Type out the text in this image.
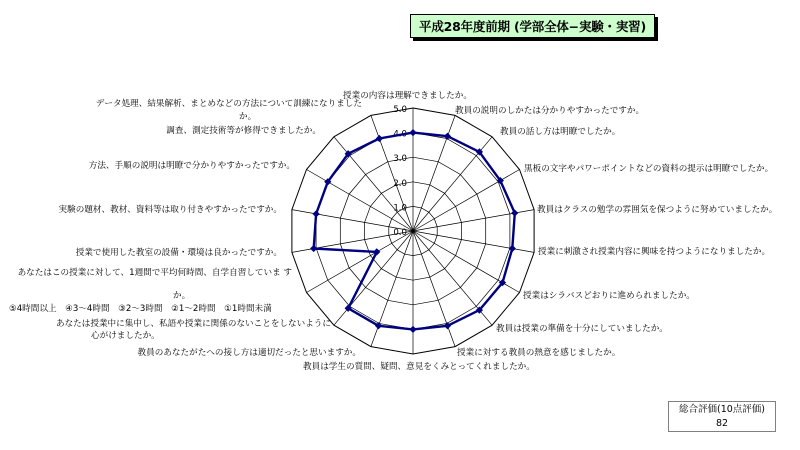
平成28年度前期 (学部全体−実験・実習)
0.0
1.0
2.0
3.0
4.0
5.0
授業の内容は理解できましたか。
教員の説明のしかたは分かりやすかったですか。
教員の話し方は明瞭でしたか。
黒板の文字やパワーポイントなどの資料の提示は明瞭でしたか。
教員はクラスの勉学の雰囲気を保つように努めていましたか。
授業に刺激され授業内容に興味を持つようになりましたか。
授業はシラバスどおりに進められましたか。
教員は授業の準備を十分にしていましたか。
授業に対する教員の熱意を感じましたか。
教員は学生の質問、疑問、意見をくみとってくれましたか。
教員のあなたがたへの接し方は適切だったと思いますか。
あなたは授業中に集中し、私語や授業に関係のないことをしないように
心がけましたか。
あなたはこの授業に対して、1週間で平均何時間、自学自習していま す
か。
⑤4時間以上　④3〜4時間　③2〜3時間　②1〜2時間　①1時間未満
授業で使用した教室の設備・環境は良かったですか。
実験の題材、教材、資料等は取り付きやすかったですか。
方法、手順の説明は明瞭で分かりやすかったですか。
調査、測定技術等が修得できましたか。
データ処理、結果解析、まとめなどの方法について訓練になりました
か。
総合評価(10点評価)
82
